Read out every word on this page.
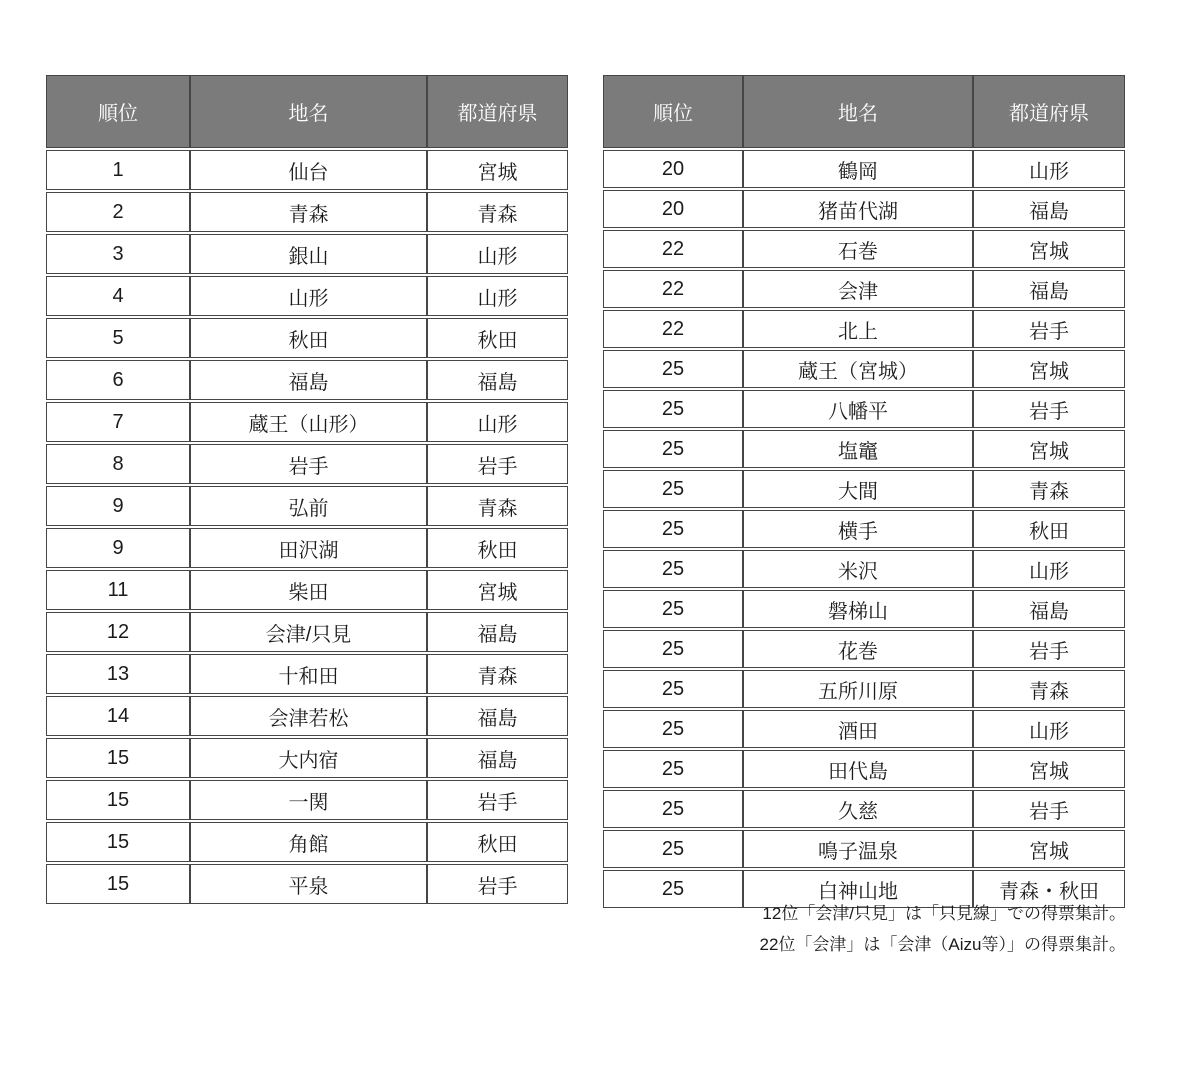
順位	地名	都道府県
1	仙台	宮城
2	青森	青森
3	銀山	山形
4	山形	山形
5	秋田	秋田
6	福島	福島
7	蔵王（山形）	山形
8	岩手	岩手
9	弘前	青森
9	田沢湖	秋田
11	柴田	宮城
12	会津/只見	福島
13	十和田	青森
14	会津若松	福島
15	大内宿	福島
15	一関	岩手
15	角館	秋田
15	平泉	岩手
順位	地名	都道府県
20	鶴岡	山形
20	猪苗代湖	福島
22	石巻	宮城
22	会津	福島
22	北上	岩手
25	蔵王（宮城）	宮城
25	八幡平	岩手
25	塩竈	宮城
25	大間	青森
25	横手	秋田
25	米沢	山形
25	磐梯山	福島
25	花巻	岩手
25	五所川原	青森
25	酒田	山形
25	田代島	宮城
25	久慈	岩手
25	鳴子温泉	宮城
25	白神山地	青森・秋田
12位「会津/只見」は「只見線」での得票集計。
22位「会津」は「会津（Aizu等）」の得票集計。
